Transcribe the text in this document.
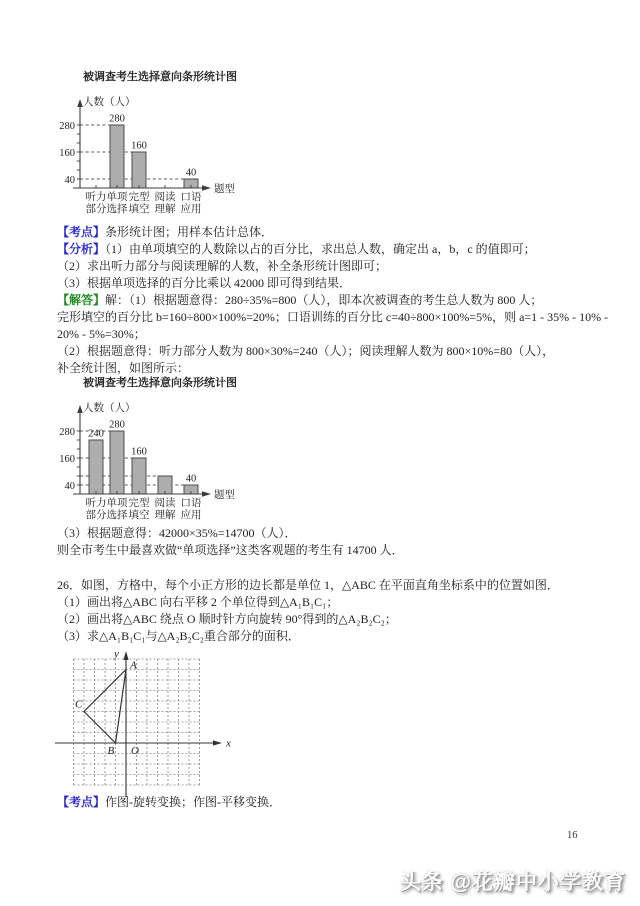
280
160
40
40
160
280
被调查考生选择意向条形统计图
人数（人）
题型
听力 单项 完型 阅读 口语
部分 选择 填空 理解 应用
【考点】条形统计图；用样本估计总体．
【分析】（1）由单项填空的人数除以占的百分比，求出总人数，确定出 a，b，c 的值即可；
（2）求出听力部分与阅读理解的人数，补全条形统计图即可；
（3）根据单项选择的百分比乘以 42000 即可得到结果．
【解答】解：（1）根据题意得：280÷35%=800（人），即本次被调查的考生总人数为 800 人；
完形填空的百分比 b=160÷800×100%=20%；口语训练的百分比 c=40÷800×100%=5%，则 a=1 - 35% - 10% -
20% - 5%=30%；
（2）根据题意得：听力部分人数为 800×30%=240（人）；阅读理解人数为 800×10%=80（人），
补全统计图，如图所示：
240
280
160
40
40
160
280
被调查考生选择意向条形统计图
人数（人）
题型
听力 单项 完型 阅读 口语
部分 选择 填空 理解 应用
（3）根据题意得：42000×35%=14700（人）．
则全市考生中最喜欢做“单项选择”这类客观题的考生有 14700 人．
26．如图，方格中，每个小正方形的边长都是单位 1，△ABC 在平面直角坐标系中的位置如图．
（1）画出将△ABC 向右平移 2 个单位得到△A₁B₁C₁；
（2）画出将△ABC 绕点 O 顺时针方向旋转 90°得到的△A₂B₂C₂；
（3）求△A₁B₁C₁与△A₂B₂C₂重合部分的面积．
y
x
O
A
B
C
【考点】作图-旋转变换；作图-平移变换．
16
头条 @花瓣中小学教育
